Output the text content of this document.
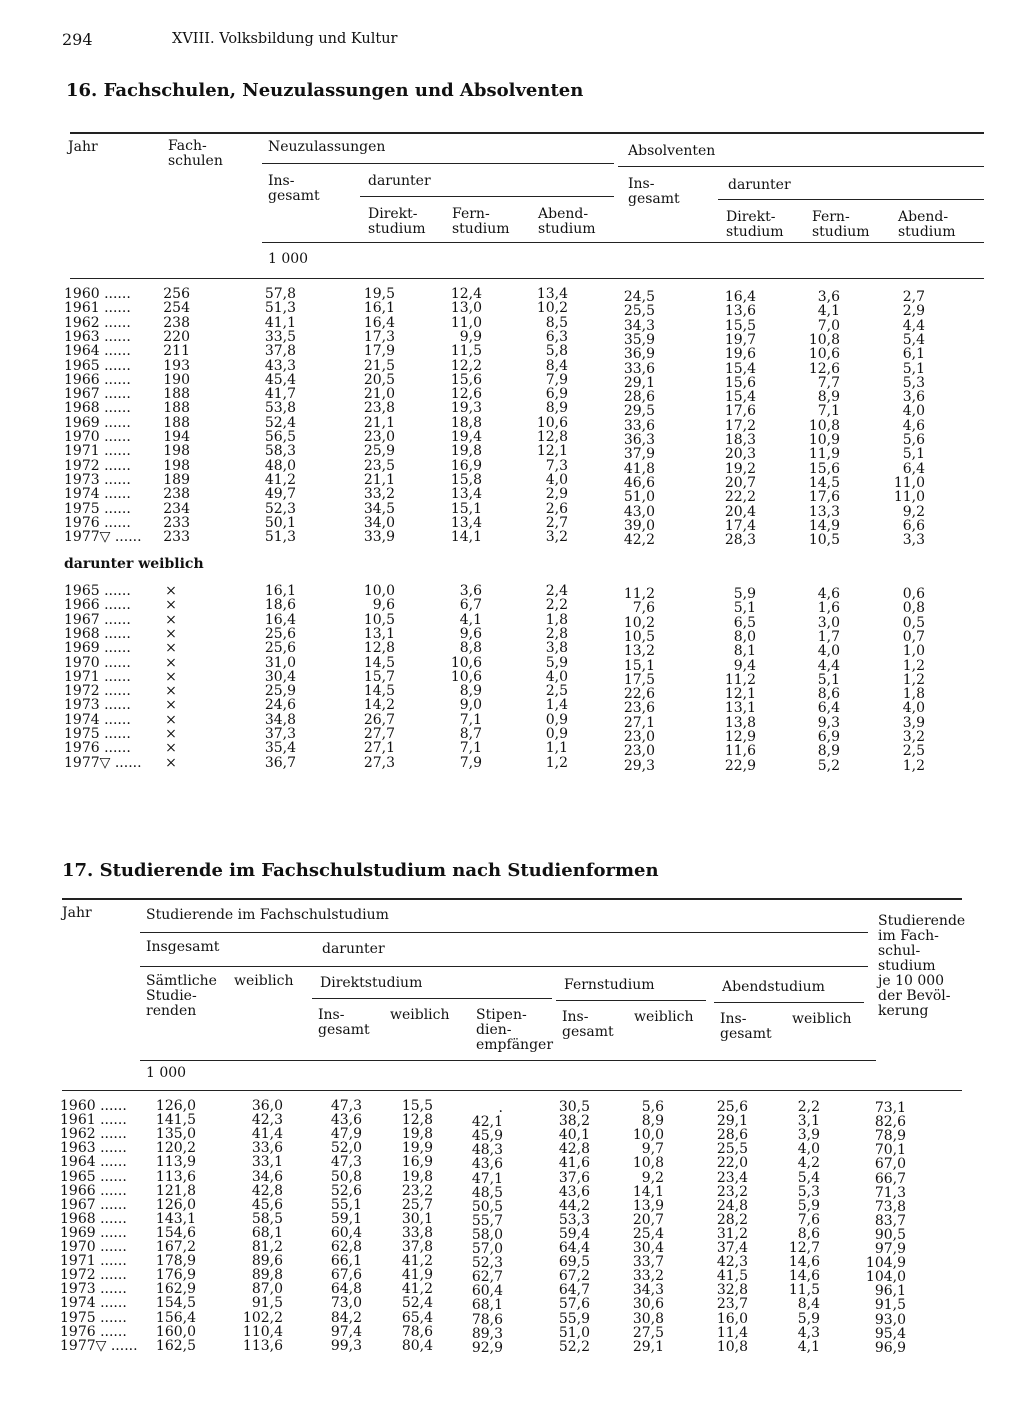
294	XVIII. Volksbildung und Kultur
16. Fachschulen, Neuzulassungen und Absolventen
Jahr	Fach-
schulen
Neuzulassungen	Absolventen
Ins-
gesamt
darunter	Ins-
gesamt
darunter
Direkt-
studium
Fern-
studium
Abend-
studium
Direkt-
studium
Fern-
studium
Abend-
studium
1 000
1960 ...... 256	57,8	19,5	12,4	13,4	24,5	16,4	3,6	2,7
1961 ...... 254	51,3	16,1	13,0	10,2	25,5	13,6	4,1	2,9
1962 ...... 238	41,1	16,4	11,0	8,5	34,3	15,5	7,0	4,4
1963 ...... 220	33,5	17,3	9,9	6,3	35,9	19,7	10,8	5,4
1964 ...... 211	37,8	17,9	11,5	5,8	36,9	19,6	10,6	6,1
1965 ...... 193	43,3	21,5	12,2	8,4	33,6	15,4	12,6	5,1
1966 ...... 190	45,4	20,5	15,6	7,9	29,1	15,6	7,7	5,3
1967 ...... 188	41,7	21,0	12,6	6,9	28,6	15,4	8,9	3,6
1968 ...... 188	53,8	23,8	19,3	8,9	29,5	17,6	7,1	4,0
1969 ...... 188	52,4	21,1	18,8	10,6	33,6	17,2	10,8	4,6
1970 ...... 194	56,5	23,0	19,4	12,8	36,3	18,3	10,9	5,6
1971 ...... 198	58,3	25,9	19,8	12,1	37,9	20,3	11,9	5,1
1972 ...... 198	48,0	23,5	16,9	7,3	41,8	19,2	15,6	6,4
1973 ...... 189	41,2	21,1	15,8	4,0	46,6	20,7	14,5	11,0
1974 ...... 238	49,7	33,2	13,4	2,9	51,0	22,2	17,6	11,0
1975 ...... 234	52,3	34,5	15,1	2,6	43,0	20,4	13,3	9,2
1976 ...... 233	50,1	34,0	13,4	2,7	39,0	17,4	14,9	6,6
1977▽ ...... 233	51,3	33,9	14,1	3,2	42,2	28,3	10,5	3,3
darunter weiblich
1965 ...... ×	16,1	10,0	3,6	2,4	11,2	5,9	4,6	0,6
1966 ...... ×	18,6	9,6	6,7	2,2	7,6	5,1	1,6	0,8
1967 ...... ×	16,4	10,5	4,1	1,8	10,2	6,5	3,0	0,5
1968 ...... ×	25,6	13,1	9,6	2,8	10,5	8,0	1,7	0,7
1969 ...... ×	25,6	12,8	8,8	3,8	13,2	8,1	4,0	1,0
1970 ...... ×	31,0	14,5	10,6	5,9	15,1	9,4	4,4	1,2
1971 ...... ×	30,4	15,7	10,6	4,0	17,5	11,2	5,1	1,2
1972 ...... ×	25,9	14,5	8,9	2,5	22,6	12,1	8,6	1,8
1973 ...... ×	24,6	14,2	9,0	1,4	23,6	13,1	6,4	4,0
1974 ...... ×	34,8	26,7	7,1	0,9	27,1	13,8	9,3	3,9
1975 ...... ×	37,3	27,7	8,7	0,9	23,0	12,9	6,9	3,2
1976 ...... ×	35,4	27,1	7,1	1,1	23,0	11,6	8,9	2,5
1977▽ ...... ×	36,7	27,3	7,9	1,2	29,3	22,9	5,2	1,2
17. Studierende im Fachschulstudium nach Studienformen
Jahr	Studierende im Fachschulstudium	Studierende
im Fach-
schul-
studium
je 10 000
der Bevöl-
kerung
Insgesamt	darunter
Sämtliche
Studie-
renden
weiblich Direktstudium	Fernstudium	Abendstudium
Ins-
gesamt
weiblich Stipen-
dien-
empfänger
Ins-
gesamt
weiblich Ins-
gesamt
weiblich
1 000
1960 ...... 126,0	36,0	47,3	15,5	.	30,5	5,6	25,6	2,2	73,1
1961 ...... 141,5	42,3	43,6	12,8	42,1	38,2	8,9	29,1	3,1	82,6
1962 ...... 135,0	41,4	47,9	19,8	45,9	40,1	10,0	28,6	3,9	78,9
1963 ...... 120,2	33,6	52,0	19,9	48,3	42,8	9,7	25,5	4,0	70,1
1964 ...... 113,9	33,1	47,3	16,9	43,6	41,6	10,8	22,0	4,2	67,0
1965 ...... 113,6	34,6	50,8	19,8	47,1	37,6	9,2	23,4	5,4	66,7
1966 ...... 121,8	42,8	52,6	23,2	48,5	43,6	14,1	23,2	5,3	71,3
1967 ...... 126,0	45,6	55,1	25,7	50,5	44,2	13,9	24,8	5,9	73,8
1968 ...... 143,1	58,5	59,1	30,1	55,7	53,3	20,7	28,2	7,6	83,7
1969 ...... 154,6	68,1	60,4	33,8	58,0	59,4	25,4	31,2	8,6	90,5
1970 ...... 167,2	81,2	62,8	37,8	57,0	64,4	30,4	37,4	12,7	97,9
1971 ...... 178,9	89,6	66,1	41,2	52,3	69,5	33,7	42,3	14,6	104,9
1972 ...... 176,9	89,8	67,6	41,9	62,7	67,2	33,2	41,5	14,6	104,0
1973 ...... 162,9	87,0	64,8	41,2	60,4	64,7	34,3	32,8	11,5	96,1
1974 ...... 154,5	91,5	73,0	52,4	68,1	57,6	30,6	23,7	8,4	91,5
1975 ...... 156,4	102,2	84,2	65,4	78,6	55,9	30,8	16,0	5,9	93,0
1976 ...... 160,0	110,4	97,4	78,6	89,3	51,0	27,5	11,4	4,3	95,4
1977▽ ...... 162,5	113,6	99,3	80,4	92,9	52,2	29,1	10,8	4,1	96,9
